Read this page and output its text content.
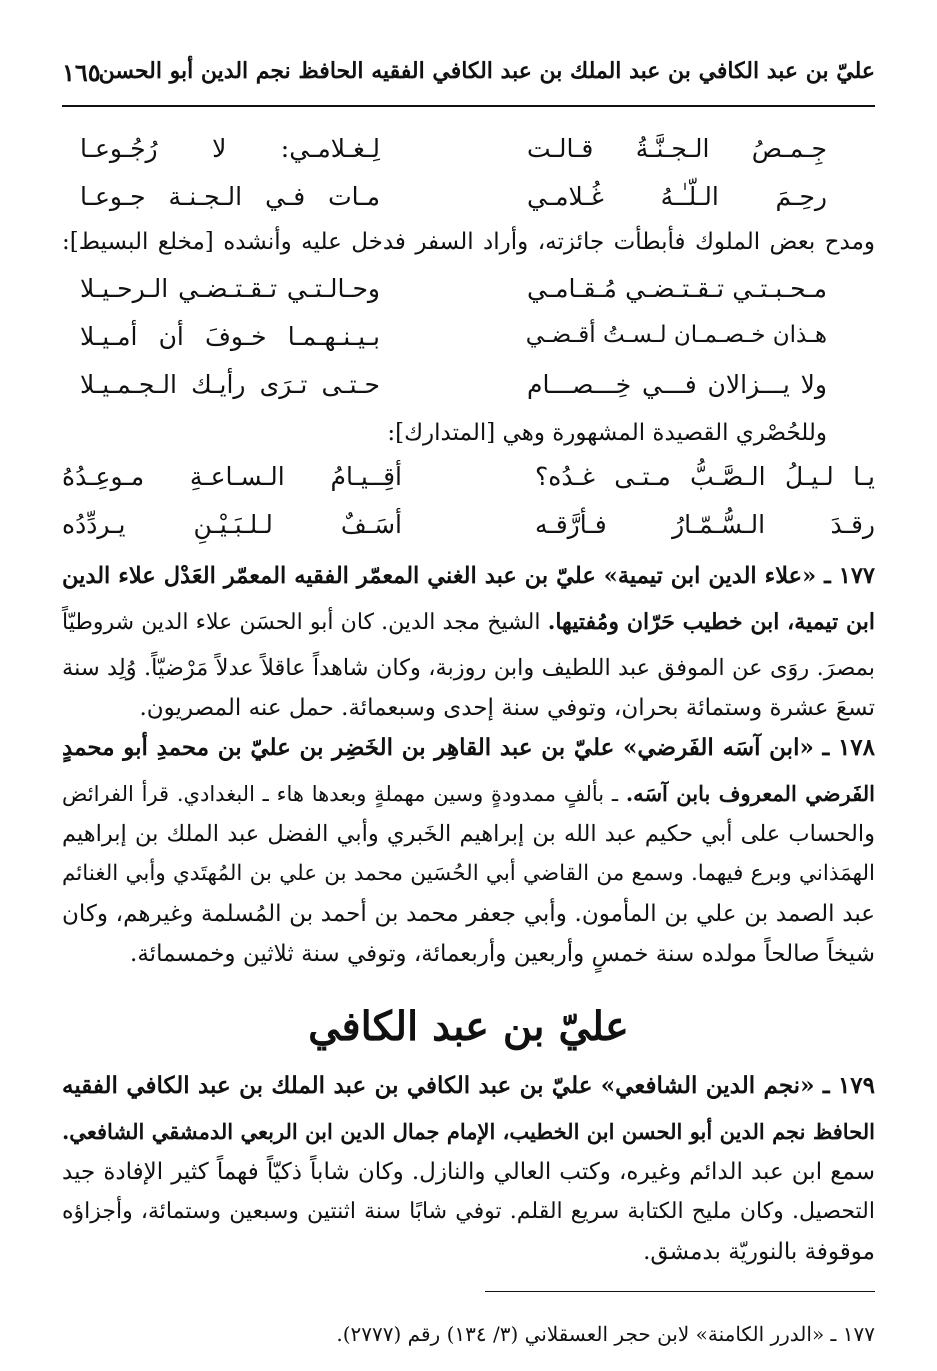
عليّ بن عبد الكافي بن عبد الملك بن عبد الكافي الفقيه الحافظ نجم الدين أبو الحسن
١٦٥
جِـمـصُ الـجـنَّـةُ قـالـت
لِـغـلامـي: لا رُجُـوعـا
رحِـمَ الـلّـٰـهُ غُـلامـي
مـات فـي الـجـنـة جـوعـا
ومدح بعض الملوك فأبطأت جائزته، وأراد السفر فدخل عليه وأنشده [مخلع البسيط]:
مـحـبـتـي تـقـتـضـي مُـقـامـي
وحـالـتـي تـقـتـضـي الـرحـيـلا
هـذان خـصـمـان لـسـتُ أقـضـي
بـيـنـهـمـا خـوفَ أن أمـيـلا
ولا يـــزالان فـــي خِـــصـــام
حـتـى تـرَى رأيـك الـجـمـيـلا
وللحُصْري القصيدة المشهورة وهي [المتدارك]:
يـا لـيـلُ الـصَّـبُّ مـتـى غـدُه؟
أقِــيـامُ الـسـاعـةِ مـوعِـدُهُ
رقـدَ الـسُّـمّـارُ فـأرَّقـه
أسَـفٌ لـلـبَـيْـنِ يـردِّدُه
١٧٧ ـ «علاء الدين ابن تيمية» عليّ بن عبد الغني المعمّر الفقيه المعمّر العَدْل علاء الدين
ابن تيمية، ابن خطيب حَرّان ومُفتيها. الشيخ مجد الدين. كان أبو الحسَن علاء الدين شروطيّاً
بمصرَ. روَى عن الموفق عبد اللطيف وابن روزبة، وكان شاهداً عاقلاً عدلاً مَرْضيّاً. وُلِد سنة
تسعَ عشرة وستمائة بحران، وتوفي سنة إحدى وسبعمائة. حمل عنه المصريون.
١٧٨ ـ «ابن آسَه الفَرضي» عليّ بن عبد القاهِر بن الخَضِر بن عليّ بن محمدِ أبو محمدٍ
الفَرضي المعروف بابن آسَه. ـ بألفٍ ممدودةٍ وسين مهملةٍ وبعدها هاء ـ البغدادي. قرأ الفرائض
والحساب على أبي حكيم عبد الله بن إبراهيم الخَبري وأبي الفضل عبد الملك بن إبراهيم
الهمَذاني وبرع فيهما. وسمع من القاضي أبي الحُسَين محمد بن علي بن المُهتَدي وأبي الغنائم
عبد الصمد بن علي بن المأمون. وأبي جعفر محمد بن أحمد بن المُسلمة وغيرهم، وكان
شيخاً صالحاً مولده سنة خمسٍ وأربعين وأربعمائة، وتوفي سنة ثلاثين وخمسمائة.
عليّ بن عبد الكافي
١٧٩ ـ «نجم الدين الشافعي» عليّ بن عبد الكافي بن عبد الملك بن عبد الكافي الفقيه
الحافظ نجم الدين أبو الحسن ابن الخطيب، الإمام جمال الدين ابن الربعي الدمشقي الشافعي.
سمع ابن عبد الدائم وغيره، وكتب العالي والنازل. وكان شاباً ذكيّاً فهماً كثير الإفادة جيد
التحصيل. وكان مليح الكتابة سريع القلم. توفي شابًا سنة اثنتين وسبعين وستمائة، وأجزاؤه
موقوفة بالنوريّة بدمشق.
١٧٧ ـ «الدرر الكامنة» لابن حجر العسقلاني (٣/ ١٣٤) رقم (٢٧٧٧).
